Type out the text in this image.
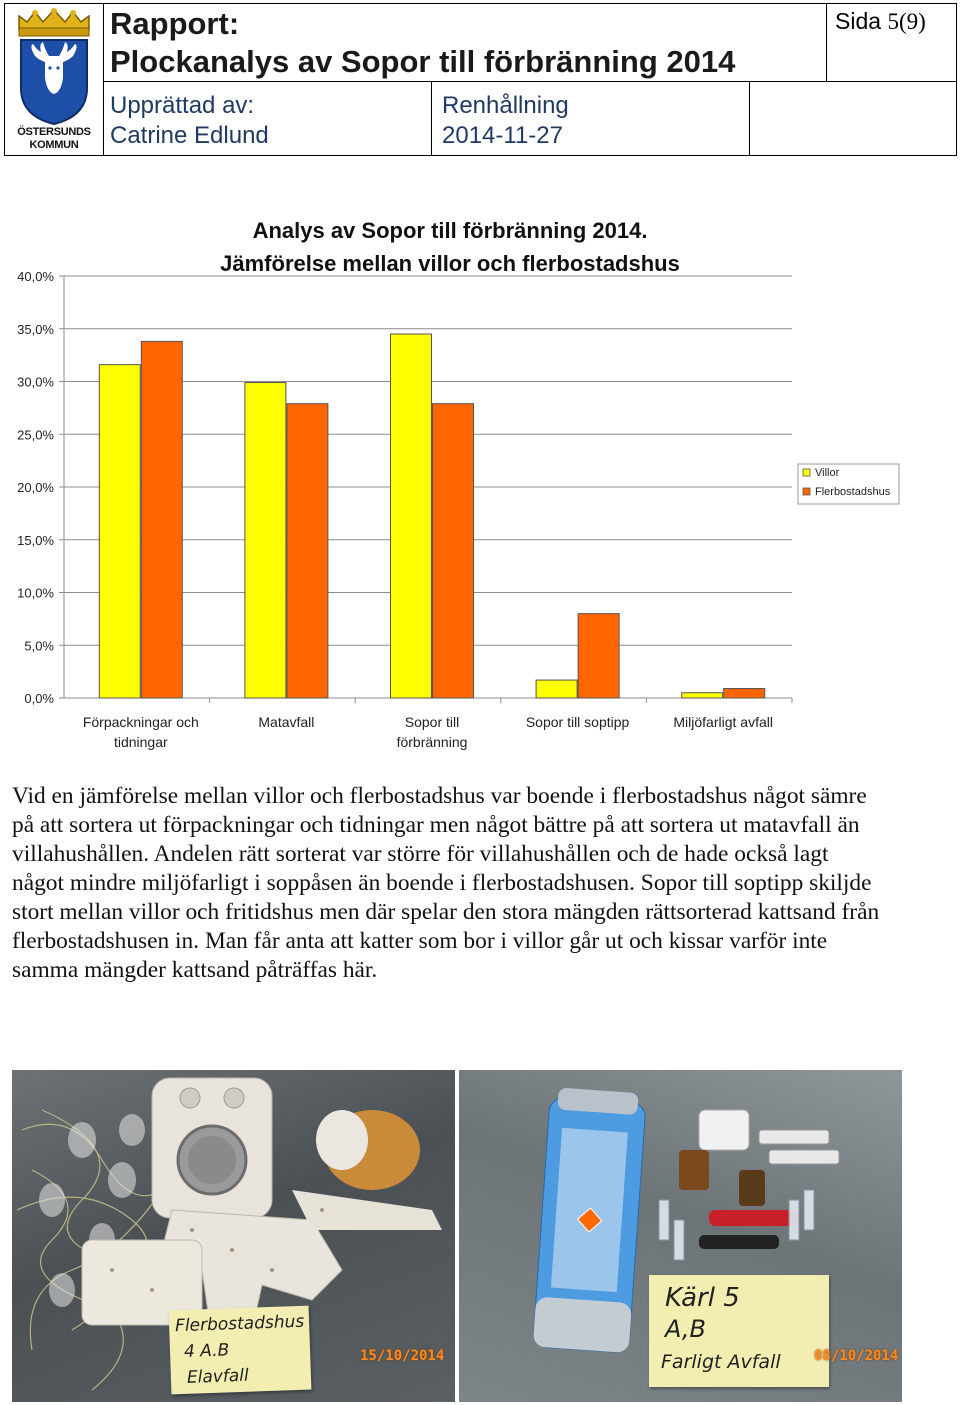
ÖSTERSUNDS
KOMMUN
Rapport:
Plockanalys av Sopor till förbränning 2014
Sida 5(9)
Upprättad av:
Catrine Edlund
Renhållning
2014-11-27
Analys av Sopor till förbränning 2014.
Jämförelse mellan villor och flerbostadshus
0,0%
5,0%
10,0%
15,0%
20,0%
25,0%
30,0%
35,0%
40,0%
Förpackningar och
tidningar
Matavfall	Sopor till
förbränning
Sopor till soptipp	Miljöfarligt avfall
Villor
Flerbostadshus
Vid en jämförelse mellan villor och flerbostadshus var boende i flerbostadshus något sämre på att sortera ut förpackningar och tidningar men något bättre på att sortera ut matavfall än villahushållen. Andelen rätt sorterat var större för villahushållen och de hade också lagt något mindre miljöfarligt i soppåsen än boende i flerbostadshusen. Sopor till soptipp skiljde stort mellan villor och fritidshus men där spelar den stora mängden rättsorterad kattsand från flerbostadshusen in. Man får anta att katter som bor i villor går ut och kissar varför inte samma mängder kattsand påträffas här.
Flerbostadshus
4 A.B
Elavfall
15/10/2014
Kärl 5
A,B
Farligt Avfall 08/10/2014
